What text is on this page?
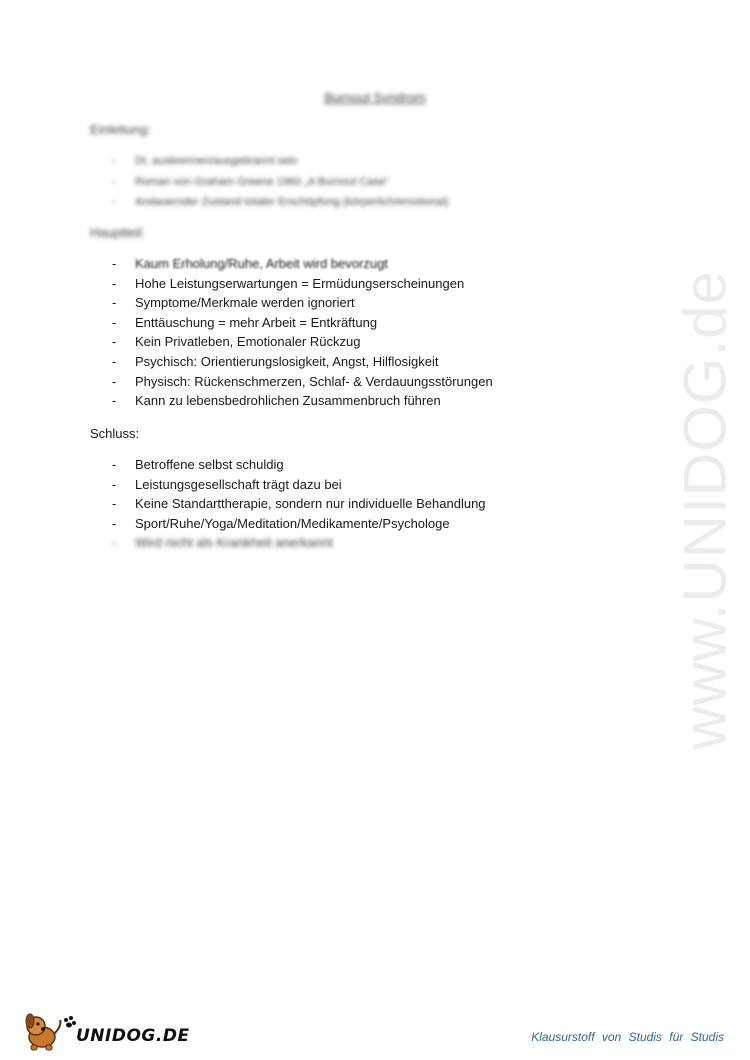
www.UNIDOG.de
Burnout Syndrom
Einleitung:
- Dt. ausbrennen/ausgebrannt sein
- Roman von Graham Greene 1960 „A Burnout Case“
- Andauernder Zustand totaler Erschöpfung (körperlich/emotional)
Hauptteil:
- Kaum Erholung/Ruhe, Arbeit wird bevorzugt
- Hohe Leistungserwartungen = Ermüdungserscheinungen
- Symptome/Merkmale werden ignoriert
- Enttäuschung = mehr Arbeit = Entkräftung
- Kein Privatleben, Emotionaler Rückzug
- Psychisch: Orientierungslosigkeit, Angst, Hilflosigkeit
- Physisch: Rückenschmerzen, Schlaf- & Verdauungsstörungen
- Kann zu lebensbedrohlichen Zusammenbruch führen
Schluss:
- Betroffene selbst schuldig
- Leistungsgesellschaft trägt dazu bei
- Keine Standarttherapie, sondern nur individuelle Behandlung
- Sport/Ruhe/Yoga/Meditation/Medikamente/Psychologe
- Wird nicht als Krankheit anerkannt
UNIDOG.DE	Klausurstoff von Studis für Studis
